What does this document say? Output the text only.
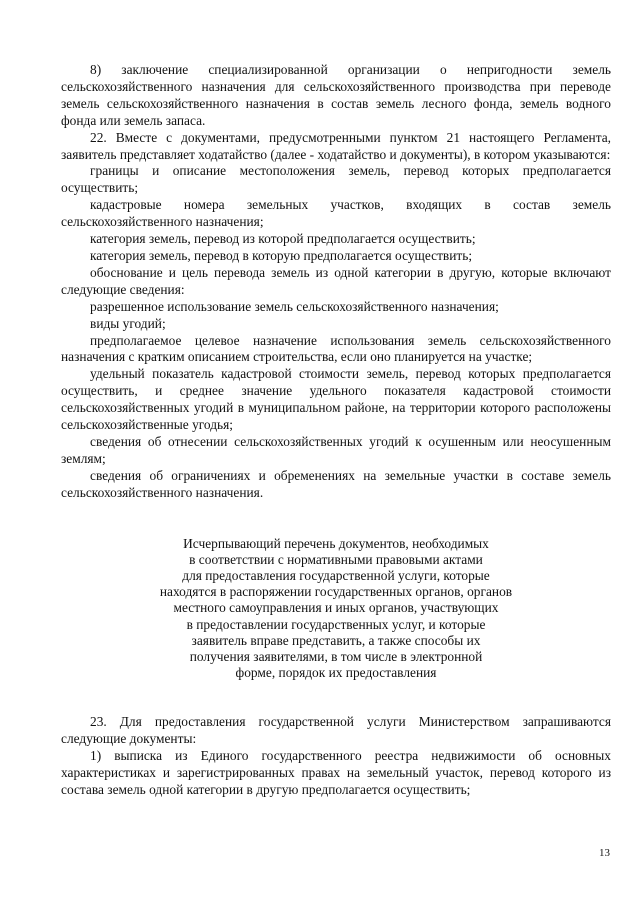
8) заключение специализированной организации о непригодности земель сельскохозяйственного назначения для сельскохозяйственного производства при переводе земель сельскохозяйственного назначения в состав земель лесного фонда, земель водного фонда или земель запаса.

22. Вместе с документами, предусмотренными пунктом 21 настоящего Регламента, заявитель представляет ходатайство (далее - ходатайство и документы), в котором указываются:

границы и описание местоположения земель, перевод которых предполагается осуществить;

кадастровые номера земельных участков, входящих в состав земель сельскохозяйственного назначения;

категория земель, перевод из которой предполагается осуществить;

категория земель, перевод в которую предполагается осуществить;

обоснование и цель перевода земель из одной категории в другую, которые включают следующие сведения:

разрешенное использование земель сельскохозяйственного назначения;

виды угодий;

предполагаемое целевое назначение использования земель сельскохозяйственного назначения с кратким описанием строительства, если оно планируется на участке;

удельный показатель кадастровой стоимости земель, перевод которых предполагается осуществить, и среднее значение удельного показателя кадастровой стоимости сельскохозяйственных угодий в муниципальном районе, на территории которого расположены сельскохозяйственные угодья;

сведения об отнесении сельскохозяйственных угодий к осушенным или неосушенным землям;

сведения об ограничениях и обременениях на земельные участки в составе земель сельскохозяйственного назначения.

Исчерпывающий перечень документов, необходимых
в соответствии с нормативными правовыми актами
для предоставления государственной услуги, которые
находятся в распоряжении государственных органов, органов
местного самоуправления и иных органов, участвующих
в предоставлении государственных услуг, и которые
заявитель вправе представить, а также способы их
получения заявителями, в том числе в электронной
форме, порядок их предоставления

23. Для предоставления государственной услуги Министерством запрашиваются следующие документы:

1) выписка из Единого государственного реестра недвижимости об основных характеристиках и зарегистрированных правах на земельный участок, перевод которого из состава земель одной категории в другую предполагается осуществить;

13
